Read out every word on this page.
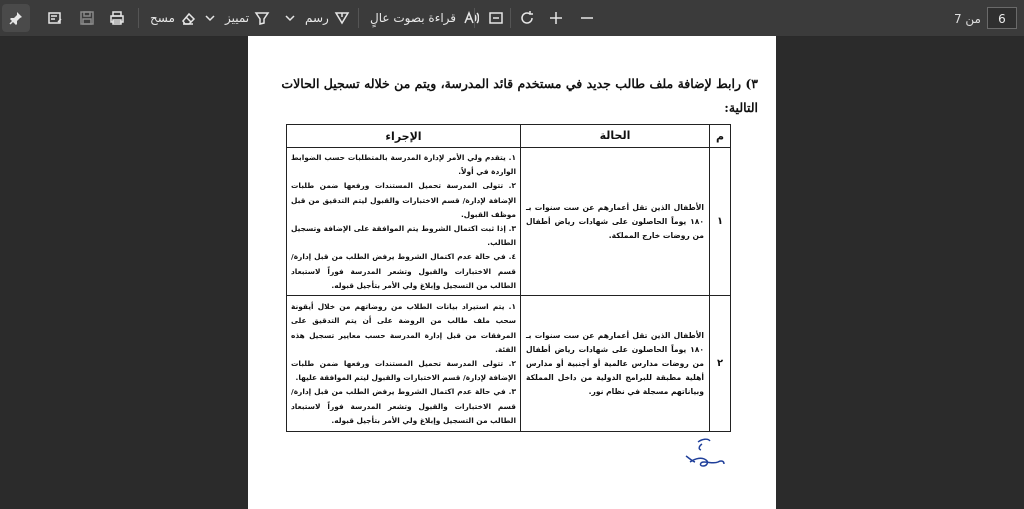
مسح	تمييز	رسم	قراءة بصوت عالٍ	من 7	6
٣) رابط لإضافة ملف طالب جديد في مستخدم قائد المدرسة، ويتم من خلاله تسجيل الحالات التالية:
م	الحالة	الإجراء
١	الأطفال الذين تقل أعمارهم عن ست سنوات بـ ١٨٠ يوماً الحاصلون على شهادات رياض أطفال من روضات خارج المملكة.	١. يتقدم ولي الأمر لإدارة المدرسة بالمتطلبات حسب الضوابط الواردة في أولاً.

٢. تتولى المدرسة تحميل المستندات ورفعها ضمن طلبات الإضافة لإدارة/ قسم الاختبارات والقبول ليتم التدقيق من قبل موظف القبول.

٣. إذا ثبت اكتمال الشروط يتم الموافقة على الإضافة وتسجيل الطالب.

٤. في حالة عدم اكتمال الشروط يرفض الطلب من قبل إدارة/ قسم الاختبارات والقبول وتشعر المدرسة فوراً لاستبعاد الطالب من التسجيل وإبلاغ ولي الأمر بتأجيل قبوله.

٢	الأطفال الذين تقل أعمارهم عن ست سنوات بـ ١٨٠ يوماً الحاصلون على شهادات رياض أطفال من روضات مدارس عالمية أو أجنبية أو مدارس أهلية مطبقة للبرامج الدولية من داخل المملكة وبياناتهم مسجلة في نظام نور.	١. يتم استيراد بيانات الطلاب من روضاتهم من خلال أيقونة سحب ملف طالب من الروضة على أن يتم التدقيق على المرفقات من قبل إدارة المدرسة حسب معايير تسجيل هذه الفئة.

٢. تتولى المدرسة تحميل المستندات ورفعها ضمن طلبات الإضافة لإدارة/ قسم الاختبارات والقبول ليتم الموافقة عليها.

٣. في حالة عدم اكتمال الشروط يرفض الطلب من قبل إدارة/ قسم الاختبارات والقبول وتشعر المدرسة فوراً لاستبعاد الطالب من التسجيل وإبلاغ ولي الأمر بتأجيل قبوله.
